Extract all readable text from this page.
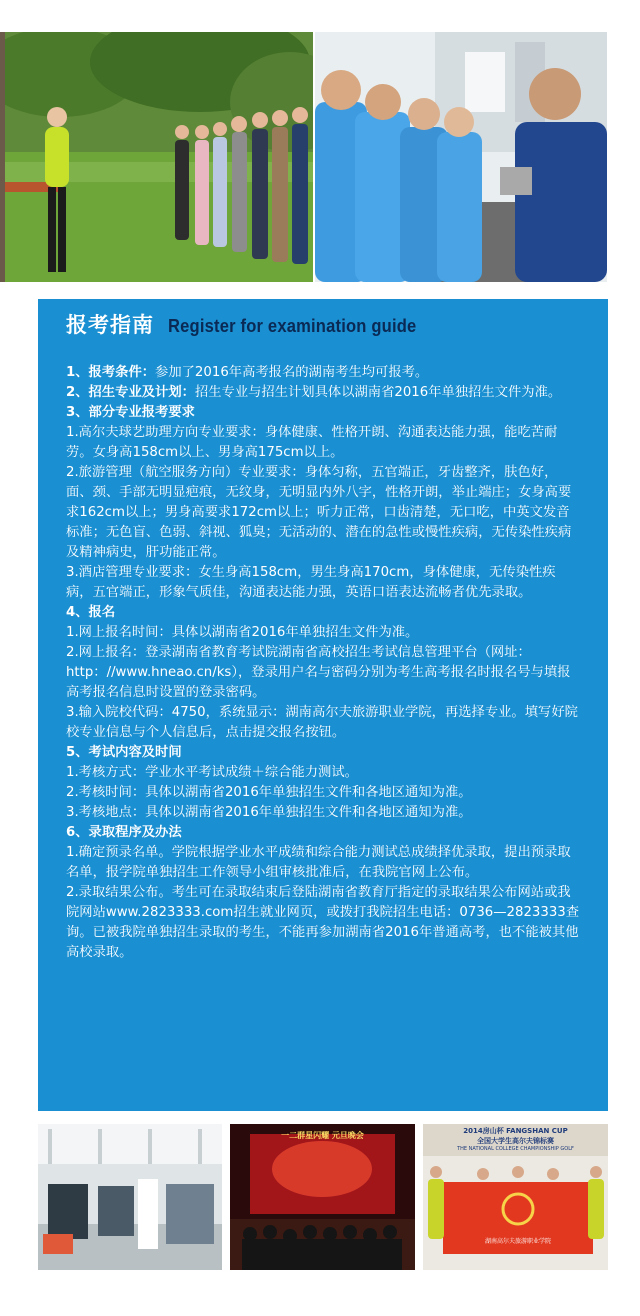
报考指南 Register for examination guide

1、报考条件：参加了2016年高考报名的湖南考生均可报考。

2、招生专业及计划：招生专业与招生计划具体以湖南省2016年单独招生文件为准。

3、部分专业报考要求

1.高尔夫球艺助理方向专业要求：身体健康、性格开朗、沟通表达能力强，能吃苦耐劳。女身高158cm以上、男身高175cm以上。

2.旅游管理（航空服务方向）专业要求：身体匀称，五官端正，牙齿整齐，肤色好，面、颈、手部无明显疤痕，无纹身，无明显内外八字，性格开朗，举止端庄；女身高要求162cm以上；男身高要求172cm以上；听力正常，口齿清楚，无口吃，中英文发音标准；无色盲、色弱、斜视、狐臭；无活动的、潜在的急性或慢性疾病，无传染性疾病及精神病史，肝功能正常。

3.酒店管理专业要求：女生身高158cm，男生身高170cm，身体健康，无传染性疾病，五官端正，形象气质佳，沟通表达能力强，英语口语表达流畅者优先录取。

4、报名

1.网上报名时间：具体以湖南省2016年单独招生文件为准。

2.网上报名：登录湖南省教育考试院湖南省高校招生考试信息管理平台（网址：http：//www.hneao.cn/ks），登录用户名与密码分别为考生高考报名时报名号与填报高考报名信息时设置的登录密码。

3.输入院校代码：4750，系统显示：湖南高尔夫旅游职业学院，再选择专业。填写好院校专业信息与个人信息后，点击提交报名按钮。

5、考试内容及时间

1.考核方式：学业水平考试成绩＋综合能力测试。

2.考核时间：具体以湖南省2016年单独招生文件和各地区通知为准。

3.考核地点：具体以湖南省2016年单独招生文件和各地区通知为准。

6、录取程序及办法

1.确定预录名单。学院根据学业水平成绩和综合能力测试总成绩择优录取，提出预录取名单，报学院单独招生工作领导小组审核批准后，在我院官网上公布。

2.录取结果公布。考生可在录取结束后登陆湖南省教育厅指定的录取结果公布网站或我院网站www.2823333.com招生就业网页，或拨打我院招生电话：0736—2823333查询。已被我院单独招生录取的考生，不能再参加湖南省2016年普通高考，也不能被其他高校录取。

一二群星闪耀 元旦晚会	2014房山杯 FANGSHAN CUP
全国大学生高尔夫锦标赛
THE NATIONAL COLLEGE CHAMPIONSHIP GOLF
湖南高尔夫旅游职业学院
